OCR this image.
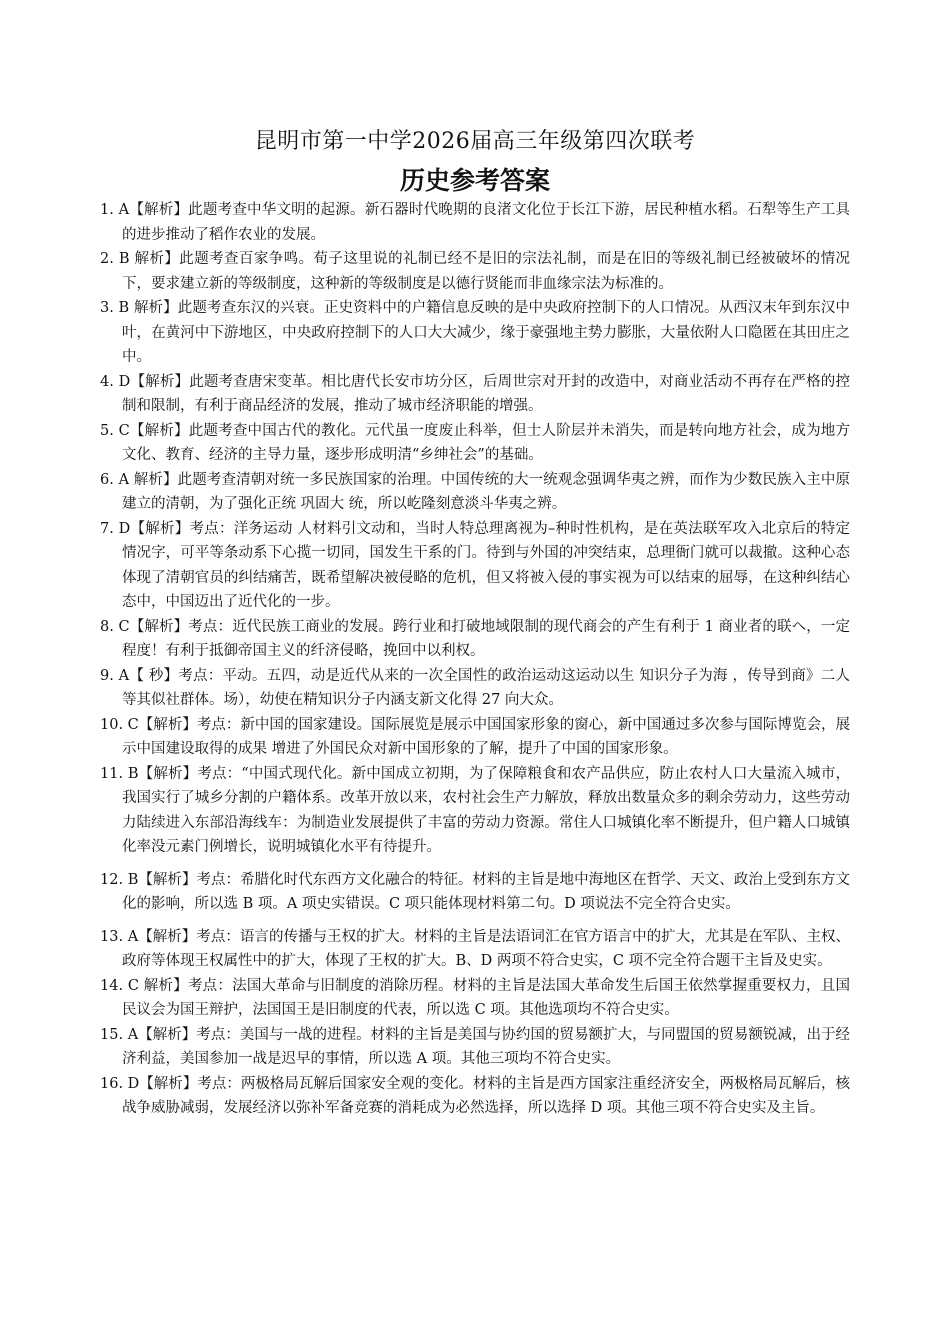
昆明市第一中学2026届高三年级第四次联考
历史参考答案

1. A【解析】此题考查中华文明的起源。新石器时代晚期的良渚文化位于长江下游，居民种植水稻。石犁等生产工具的进步推动了稻作农业的发展。

2. B 解析】此题考查百家争鸣。荀子这里说的礼制已经不是旧的宗法礼制，而是在旧的等级礼制已经被破坏的情况下，要求建立新的等级制度，这种新的等级制度是以德行贤能而非血缘宗法为标准的。

3. B 解析】此题考查东汉的兴衰。正史资料中的户籍信息反映的是中央政府控制下的人口情况。从西汉末年到东汉中叶，在黄河中下游地区，中央政府控制下的人口大大减少，缘于豪强地主势力膨胀，大量依附人口隐匿在其田庄之中。

4. D【解析】此题考查唐宋变革。相比唐代长安市坊分区，后周世宗对开封的改造中，对商业活动不再存在严格的控制和限制，有利于商品经济的发展，推动了城市经济职能的增强。

5. C【解析】此题考查中国古代的教化。元代虽一度废止科举，但士人阶层并未消失，而是转向地方社会，成为地方文化、教育、经济的主导力量，逐步形成明清“乡绅社会”的基础。

6. A 解析】此题考查清朝对统一多民族国家的治理。中国传统的大一统观念强调华夷之辨，而作为少数民族入主中原建立的清朝，为了强化正统 巩固大 统，所以屹隆刻意淡斗华夷之辨。

7. D【解析】考点：洋务运动 人材料引文动和，当时人特总理离视为–种时性机构，是在英法联军攻入北京后的特定情况字，可平等条动系下心揽一切同，国发生干系的门。待到与外国的冲突结束，总理衙门就可以裁撤。这种心态体现了清朝官员的纠结痛苦，既希望解决被侵略的危机，但又将被入侵的事实视为可以结束的屈辱，在这种纠结心态中，中国迈出了近代化的一步。

8. C【解析】考点：近代民族工商业的发展。跨行业和打破地域限制的现代商会的产生有利于 1 商业者的联ヘ，一定程度！有利于抵御帝国主义的纤济侵略，挽回中以利权。

9. A【 秒】考点：平动。五四，动是近代从来的一次全国性的政治运动这运动以生 知识分子为海 ，传导到商》二人等其似社群体。场），幼使在精知识分子内涵支新文化得 27 向大众。

10. C【解析】考点：新中国的国家建设。国际展览是展示中国国家形象的窗心，新中国通过多次参与国际博览会，展示中国建设取得的成果 增进了外国民众对新中国形象的了解，提升了中国的国家形象。

11. B【解析】考点：“中国式现代化。新中国成立初期，为了保障粮食和农产品供应，防止农村人口大量流入城市，我国实行了城乡分割的户籍体系。改革开放以来，农村社会生产力解放，释放出数量众多的剩余劳动力，这些劳动力陆续进入东部沿海线车：为制造业发展提供了丰富的劳动力资源。常住人口城镇化率不断提升，但户籍人口城镇化率没元素门例增长，说明城镇化水平有待提升。

12. B【解析】考点：希腊化时代东西方文化融合的特征。材料的主旨是地中海地区在哲学、天文、政治上受到东方文化的影响，所以选 B 项。A 项史实错误。C 项只能体现材料第二句。D 项说法不完全符合史实。

13. A【解析】考点：语言的传播与王权的扩大。材料的主旨是法语词汇在官方语言中的扩大，尤其是在军队、主权、政府等体现王权属性中的扩大，体现了王权的扩大。B、D 两项不符合史实，C 项不完全符合题干主旨及史实。

14. C 解析】考点：法国大革命与旧制度的消除历程。材料的主旨是法国大革命发生后国王依然掌握重要权力，且国民议会为国王辩护，法国国王是旧制度的代表，所以选 C 项。其他选项均不符合史实。

15. A【解析】考点：美国与一战的进程。材料的主旨是美国与协约国的贸易额扩大，与同盟国的贸易额锐减，出于经济利益，美国参加一战是迟早的事情，所以选 A 项。其他三项均不符合史实。

16. D【解析】考点：两极格局瓦解后国家安全观的变化。材料的主旨是西方国家注重经济安全，两极格局瓦解后，核战争威胁减弱，发展经济以弥补军备竞赛的消耗成为必然选择，所以选择 D 项。其他三项不符合史实及主旨。
